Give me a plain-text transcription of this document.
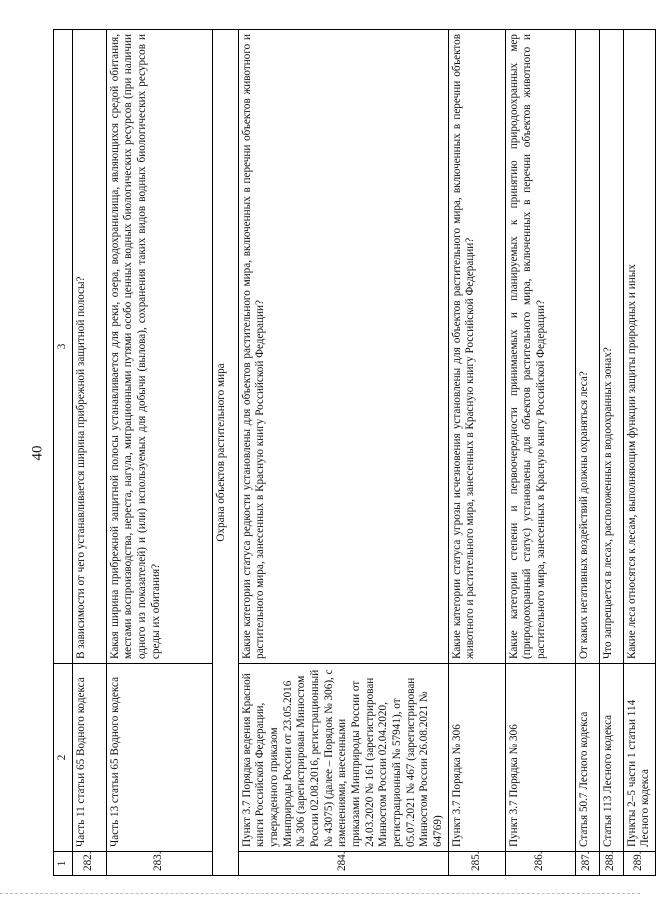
40
1	2	3
282.	Часть 11 статьи 65 Водного кодекса	В зависимости от чего устанавливается ширина прибрежной защитной полосы?
283.	Часть 13 статьи 65 Водного кодекса	Какая ширина прибрежной защитной полосы устанавливается для реки, озера, водохранилища, являющихся средой обитания, местами воспроизводства, нереста, нагула, миграционными путями особо ценных водных биологических ресурсов (при наличии одного из показателей) и (или) используемых для добычи (вылова), сохранения таких видов водных биологических ресурсов и среды их обитания?
Охрана объектов растительного мира		
284.	Пункт 3.7 Порядка ведения Красной книги Российской Федерации, утвержденного приказом Минприроды России от 23.05.2016 № 306 (зарегистрирован Минюстом России 02.08.2016, регистрационный № 43075) (далее – Порядок № 306), с изменениями, внесенными приказами Минприроды России от 24.03.2020 № 161 (зарегистрирован Минюстом России 02.04.2020, регистрационный № 57941), от 05.07.2021 № 467 (зарегистрирован Минюстом России 26.08.2021 № 64769)	Какие категории статуса редкости установлены для объектов растительного мира, включенных в перечни объектов животного и растительного мира, занесенных в Красную книгу Российской Федерации?
285.	Пункт 3.7 Порядка № 306	Какие категории статуса угрозы исчезновения установлены для объектов растительного мира, включенных в перечни объектов животного и растительного мира, занесенных в Красную книгу Российской Федерации?
286.	Пункт 3.7 Порядка № 306	Какие категории степени и первоочередности принимаемых и планируемых к принятию природоохранных мер (природоохранный статус) установлены для объектов растительного мира, включенных в перечни объектов животного и растительного мира, занесенных в Красную книгу Российской Федерации?
287.	Статья 50.7 Лесного кодекса	От каких негативных воздействий должны охраняться леса?
288.	Статья 113 Лесного кодекса	Что запрещается в лесах, расположенных в водоохранных зонах?
289.	Пункты 2–5 части 1 статьи 114 Лесного кодекса	Какие леса относятся к лесам, выполняющим функции защиты природных и иных
